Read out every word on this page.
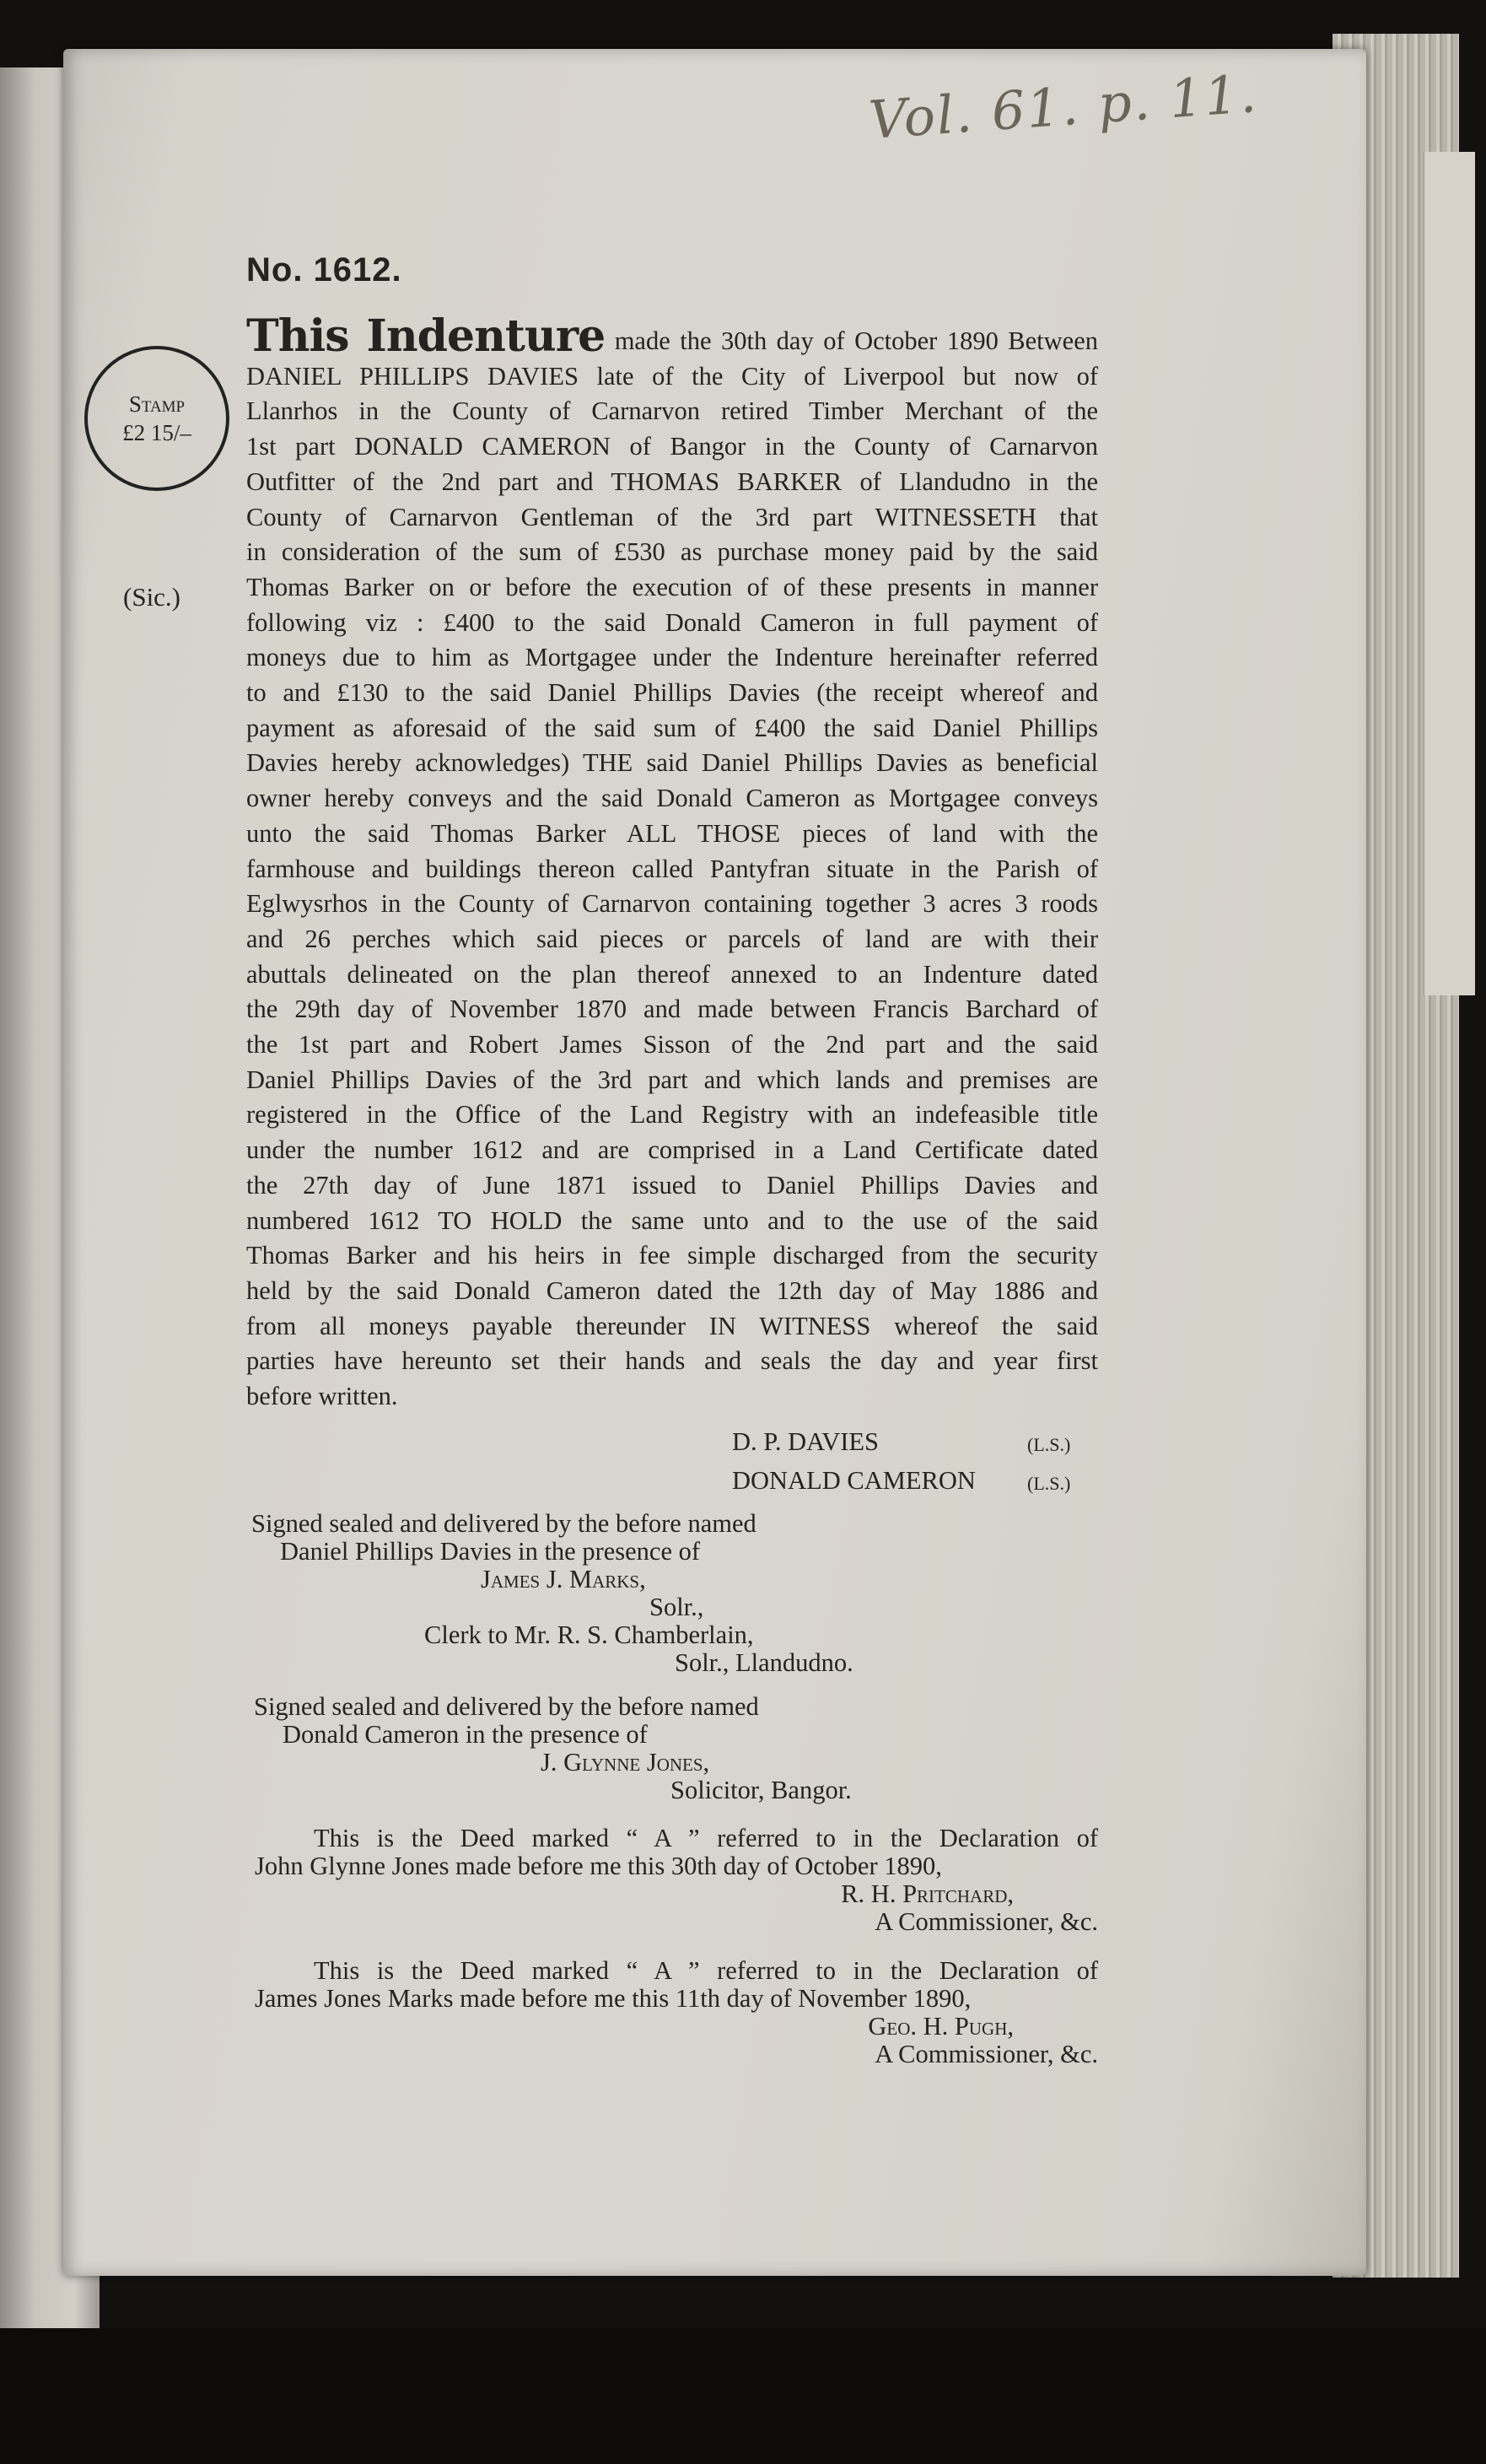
Vol. 61. p. 11.
No. 1612.
Stamp
£2 15/–
(Sic.)

This Indenture made the 30th day of October 1890 Between

DANIEL PHILLIPS DAVIES late of the City of Liverpool but now of

Llanrhos in the County of Carnarvon retired Timber Merchant of the

1st part DONALD CAMERON of Bangor in the County of Carnarvon

Outfitter of the 2nd part and THOMAS BARKER of Llandudno in the

County of Carnarvon Gentleman of the 3rd part WITNESSETH that

in consideration of the sum of £530 as purchase money paid by the said

Thomas Barker on or before the execution of of these presents in manner

following viz : £400 to the said Donald Cameron in full payment of

moneys due to him as Mortgagee under the Indenture hereinafter referred

to and £130 to the said Daniel Phillips Davies (the receipt whereof and

payment as aforesaid of the said sum of £400 the said Daniel Phillips

Davies hereby acknowledges) THE said Daniel Phillips Davies as beneficial

owner hereby conveys and the said Donald Cameron as Mortgagee conveys

unto the said Thomas Barker ALL THOSE pieces of land with the

farmhouse and buildings thereon called Pantyfran situate in the Parish of

Eglwysrhos in the County of Carnarvon containing together 3 acres 3 roods

and 26 perches which said pieces or parcels of land are with their

abuttals delineated on the plan thereof annexed to an Indenture dated

the 29th day of November 1870 and made between Francis Barchard of

the 1st part and Robert James Sisson of the 2nd part and the said

Daniel Phillips Davies of the 3rd part and which lands and premises are

registered in the Office of the Land Registry with an indefeasible title

under the number 1612 and are comprised in a Land Certificate dated

the 27th day of June 1871 issued to Daniel Phillips Davies and

numbered 1612 TO HOLD the same unto and to the use of the said

Thomas Barker and his heirs in fee simple discharged from the security

held by the said Donald Cameron dated the 12th day of May 1886 and

from all moneys payable thereunder IN WITNESS whereof the said

parties have hereunto set their hands and seals the day and year first

before written.

D. P. DAVIES	(L.S.)
DONALD CAMERON	(L.S.)
Signed sealed and delivered by the before named
Daniel Phillips Davies in the presence of
James J. Marks,
Solr.,
Clerk to Mr. R. S. Chamberlain,
Solr., Llandudno.
Signed sealed and delivered by the before named
Donald Cameron in the presence of
J. Glynne Jones,
Solicitor, Bangor.
This is the Deed marked “ A ” referred to in the Declaration of
John Glynne Jones made before me this 30th day of October 1890,
R. H. Pritchard,
A Commissioner, &c.
This is the Deed marked “ A ” referred to in the Declaration of
James Jones Marks made before me this 11th day of November 1890,
Geo. H. Pugh,
A Commissioner, &c.
